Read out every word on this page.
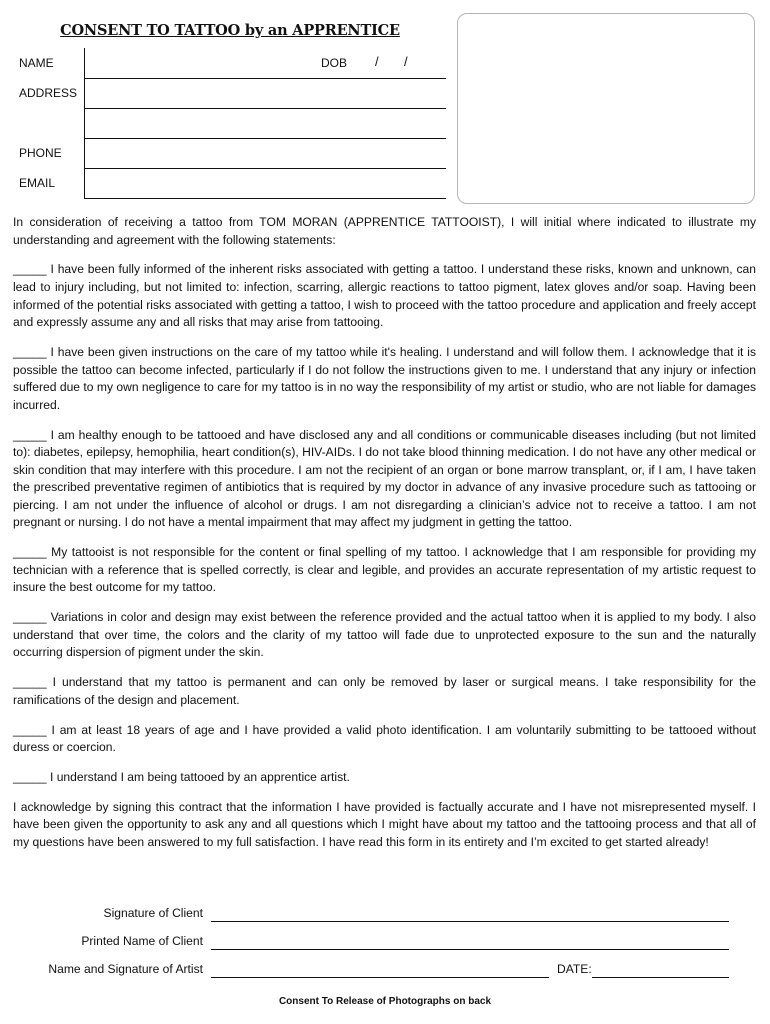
CONSENT TO TATTOO by an APPRENTICE
NAME	DOB / /
ADDRESS
PHONE
EMAIL

In consideration of receiving a tattoo from TOM MORAN (APPRENTICE TATTOOIST), I will initial where indicated to illustrate my understanding and agreement with the following statements:

_____ I have been fully informed of the inherent risks associated with getting a tattoo. I understand these risks, known and unknown, can lead to injury including, but not limited to: infection, scarring, allergic reactions to tattoo pigment, latex gloves and/or soap. Having been informed of the potential risks associated with getting a tattoo, I wish to proceed with the tattoo procedure and application and freely accept and expressly assume any and all risks that may arise from tattooing.

_____ I have been given instructions on the care of my tattoo while it's healing. I understand and will follow them. I acknowledge that it is possible the tattoo can become infected, particularly if I do not follow the instructions given to me. I understand that any injury or infection suffered due to my own negligence to care for my tattoo is in no way the responsibility of my artist or studio, who are not liable for damages incurred.

_____ I am healthy enough to be tattooed and have disclosed any and all conditions or communicable diseases including (but not limited to): diabetes, epilepsy, hemophilia, heart condition(s), HIV-AIDs. I do not take blood thinning medication. I do not have any other medical or skin condition that may interfere with this procedure. I am not the recipient of an organ or bone marrow transplant, or, if I am, I have taken the prescribed preventative regimen of antibiotics that is required by my doctor in advance of any invasive procedure such as tattooing or piercing. I am not under the influence of alcohol or drugs. I am not disregarding a clinician’s advice not to receive a tattoo. I am not pregnant or nursing. I do not have a mental impairment that may affect my judgment in getting the tattoo.

_____ My tattooist is not responsible for the content or final spelling of my tattoo. I acknowledge that I am responsible for providing my technician with a reference that is spelled correctly, is clear and legible, and provides an accurate representation of my artistic request to insure the best outcome for my tattoo.

_____ Variations in color and design may exist between the reference provided and the actual tattoo when it is applied to my body. I also understand that over time, the colors and the clarity of my tattoo will fade due to unprotected exposure to the sun and the naturally occurring dispersion of pigment under the skin.

_____ I understand that my tattoo is permanent and can only be removed by laser or surgical means. I take responsibility for the ramifications of the design and placement.

_____ I am at least 18 years of age and I have provided a valid photo identification. I am voluntarily submitting to be tattooed without duress or coercion.

_____ I understand I am being tattooed by an apprentice artist.

I acknowledge by signing this contract that the information I have provided is factually accurate and I have not misrepresented myself. I have been given the opportunity to ask any and all questions which I might have about my tattoo and the tattooing process and that all of my questions have been answered to my full satisfaction. I have read this form in its entirety and I’m excited to get started already!

Signature of Client
Printed Name of Client
Name and Signature of Artist	DATE:
Consent To Release of Photographs on back
